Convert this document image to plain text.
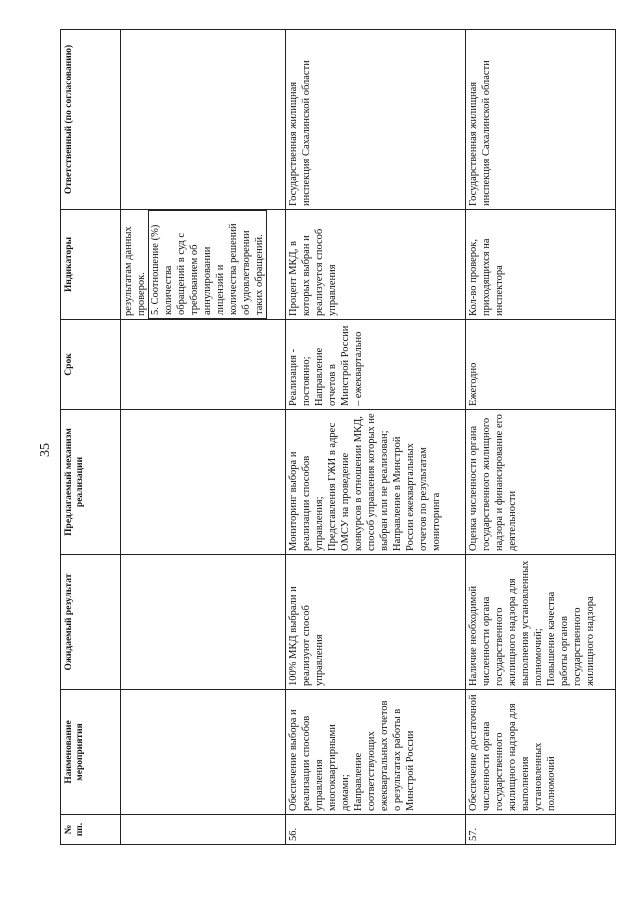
35
№ пп.	Наименование мероприятия	Ожидаемый результат	Предлагаемый механизм реализации	Срок	Индикаторы	Ответственный (по согласованию)

					результатам данных проверок. 5. Соотношение (%) количества обращений в суд с требованием об аннулировании лицензий и количества решений об удовлетворении таких обращений.	

56.	Обеспечение выбора и реализации способов управления многоквартирными домами; Направление соответствующих ежеквартальных отчетов о результатах работы в Минстрой России	100% МКД выбрали и реализуют способ управления	Мониторинг выбора и реализации способов управления; Представления ГЖИ в адрес ОМСУ на проведение конкурсов в отношении МКД, способ управления которых не выбран или не реализован; Направление в Минстрой России ежеквартальных отчетов по результатам мониторинга	Реализация - постоянно; Направление отчетов в Минстрой России – ежеквартально	Процент МКД, в которых выбран и реализуется способ управления	Государственная жилищная инспекция Сахалинской области
57.	Обеспечение достаточной численности органа государственного жилищного надзора для выполнения установленных полномочий	Наличие необходимой численности органа государственного жилищного надзора для выполнения установленных полномочий; Повышение качества работы органов государственного жилищного надзора	Оценка численности органа государственного жилищного надзора и финансирование его деятельности	Ежегодно	Кол-во проверок, приходящихся на инспектора	Государственная жилищная инспекция Сахалинской области
